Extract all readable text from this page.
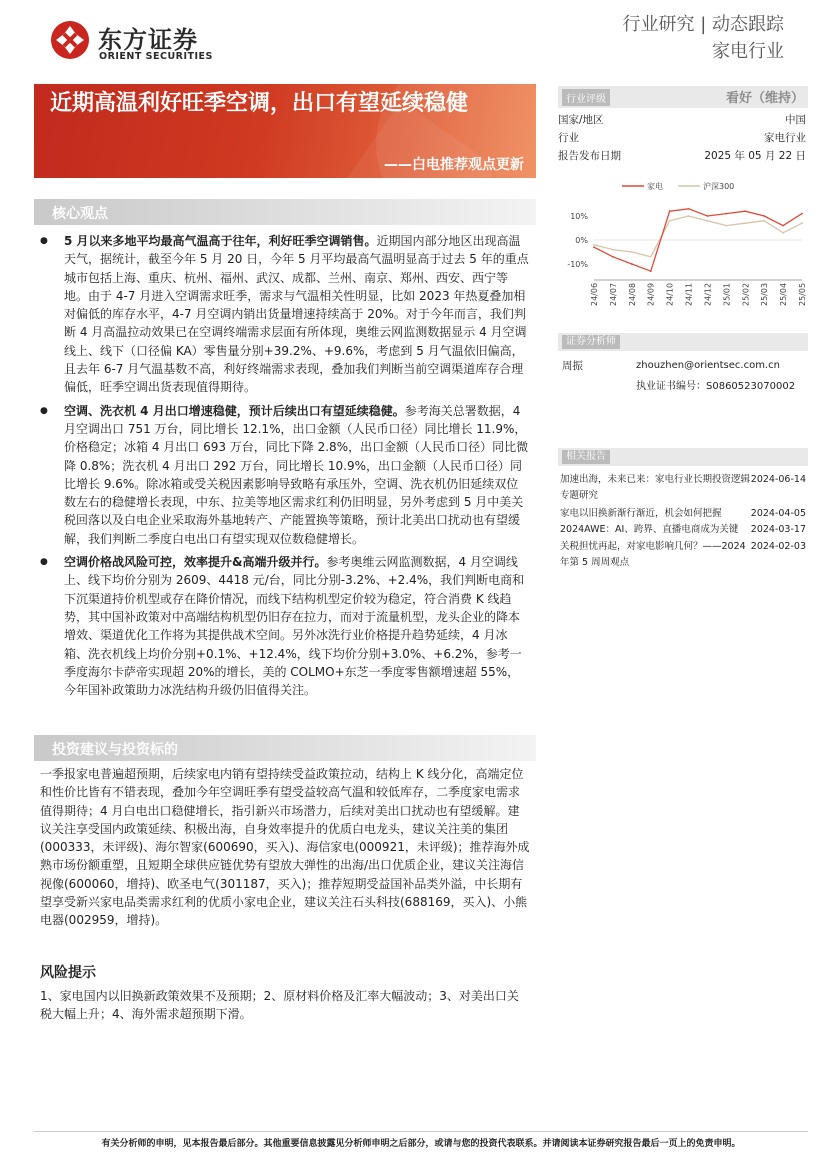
东方证券
ORIENT SECURITIES
行业研究 | 动态跟踪
家电行业
近期高温利好旺季空调，出口有望延续稳健
——白电推荐观点更新
行业评级	看好（维持）
国家/地区	中国
行业	家电行业
报告发布日期	2025 年 05 月 22 日
家电	沪深300
10%
0%
-10%
24/06 24/07 24/08 24/09 24/10 24/11 24/12 25/01 25/02 25/03 25/04 25/05
证券分析师
周振	zhouzhen@orientsec.com.cn
执业证书编号：S0860523070002
相关报告
加速出海，未来已来：家电行业长期投资逻辑专题研究
2024-06-14
家电以旧换新渐行渐近，机会如何把握	2024-04-05
2024AWE：AI、跨界、直播电商成为关键	2024-03-17
关税担忧再起，对家电影响几何？——2024 年第 5 周周观点
2024-02-03
核心观点
● 5 月以来多地平均最高气温高于往年，利好旺季空调销售。近期国内部分地区出现高温天气，据统计，截至今年 5 月 20 日，今年 5 月平均最高气温明显高于过去 5 年的重点城市包括上海、重庆、杭州、福州、武汉、成都、兰州、南京、郑州、西安、西宁等地。由于 4-7 月进入空调需求旺季，需求与气温相关性明显，比如 2023 年热夏叠加相对偏低的库存水平，4-7 月空调内销出货量增速持续高于 20%。对于今年而言，我们判断 4 月高温拉动效果已在空调终端需求层面有所体现，奥维云网监测数据显示 4 月空调线上、线下（口径偏 KA）零售量分别+39.2%、+9.6%，考虑到 5 月气温依旧偏高，且去年 6-7 月气温基数不高，利好终端需求表现，叠加我们判断当前空调渠道库存合理偏低，旺季空调出货表现值得期待。
● 空调、洗衣机 4 月出口增速稳健，预计后续出口有望延续稳健。参考海关总署数据，4 月空调出口 751 万台，同比增长 12.1%，出口金额（人民币口径）同比增长 11.9%，价格稳定；冰箱 4 月出口 693 万台，同比下降 2.8%，出口金额（人民币口径）同比微降 0.8%；洗衣机 4 月出口 292 万台，同比增长 10.9%，出口金额（人民币口径）同比增长 9.6%。除冰箱或受关税因素影响导致略有承压外，空调、洗衣机仍旧延续双位数左右的稳健增长表现，中东、拉美等地区需求红利仍旧明显，另外考虑到 5 月中美关税回落以及白电企业采取海外基地转产、产能置换等策略，预计北美出口扰动也有望缓解，我们判断二季度白电出口有望实现双位数稳健增长。
● 空调价格战风险可控，效率提升&高端升级并行。参考奥维云网监测数据，4 月空调线上、线下均价分别为 2609、4418 元/台，同比分别-3.2%、+2.4%，我们判断电商和下沉渠道持价机型或存在降价情况，而线下结构机型定价较为稳定，符合消费 K 线趋势，其中国补政策对中高端结构机型仍旧存在拉力，而对于流量机型，龙头企业的降本增效、渠道优化工作将为其提供战术空间。另外冰洗行业价格提升趋势延续，4 月冰箱、洗衣机线上均价分别+0.1%、+12.4%，线下均价分别+3.0%、+6.2%，参考一季度海尔卡萨帝实现超 20%的增长，美的 COLMO+东芝一季度零售额增速超 55%，今年国补政策助力冰洗结构升级仍旧值得关注。
投资建议与投资标的
一季报家电普遍超预期，后续家电内销有望持续受益政策拉动，结构上 K 线分化，高端定位和性价比皆有不错表现，叠加今年空调旺季有望受益较高气温和较低库存，二季度家电需求值得期待；4 月白电出口稳健增长，指引新兴市场潜力，后续对美出口扰动也有望缓解。建议关注享受国内政策延续、积极出海，自身效率提升的优质白电龙头，建议关注美的集团(000333，未评级)、海尔智家(600690，买入)、海信家电(000921，未评级)；推荐海外成熟市场份额重塑，且短期全球供应链优势有望放大弹性的出海/出口优质企业，建议关注海信视像(600060，增持)、欧圣电气(301187，买入)；推荐短期受益国补品类外溢，中长期有望享受新兴家电品类需求红利的优质小家电企业，建议关注石头科技(688169，买入)、小熊电器(002959，增持)。
风险提示
1、家电国内以旧换新政策效果不及预期；2、原材料价格及汇率大幅波动；3、对美出口关税大幅上升；4、海外需求超预期下滑。
有关分析师的申明，见本报告最后部分。其他重要信息披露见分析师申明之后部分，或请与您的投资代表联系。并请阅读本证券研究报告最后一页上的免责申明。
